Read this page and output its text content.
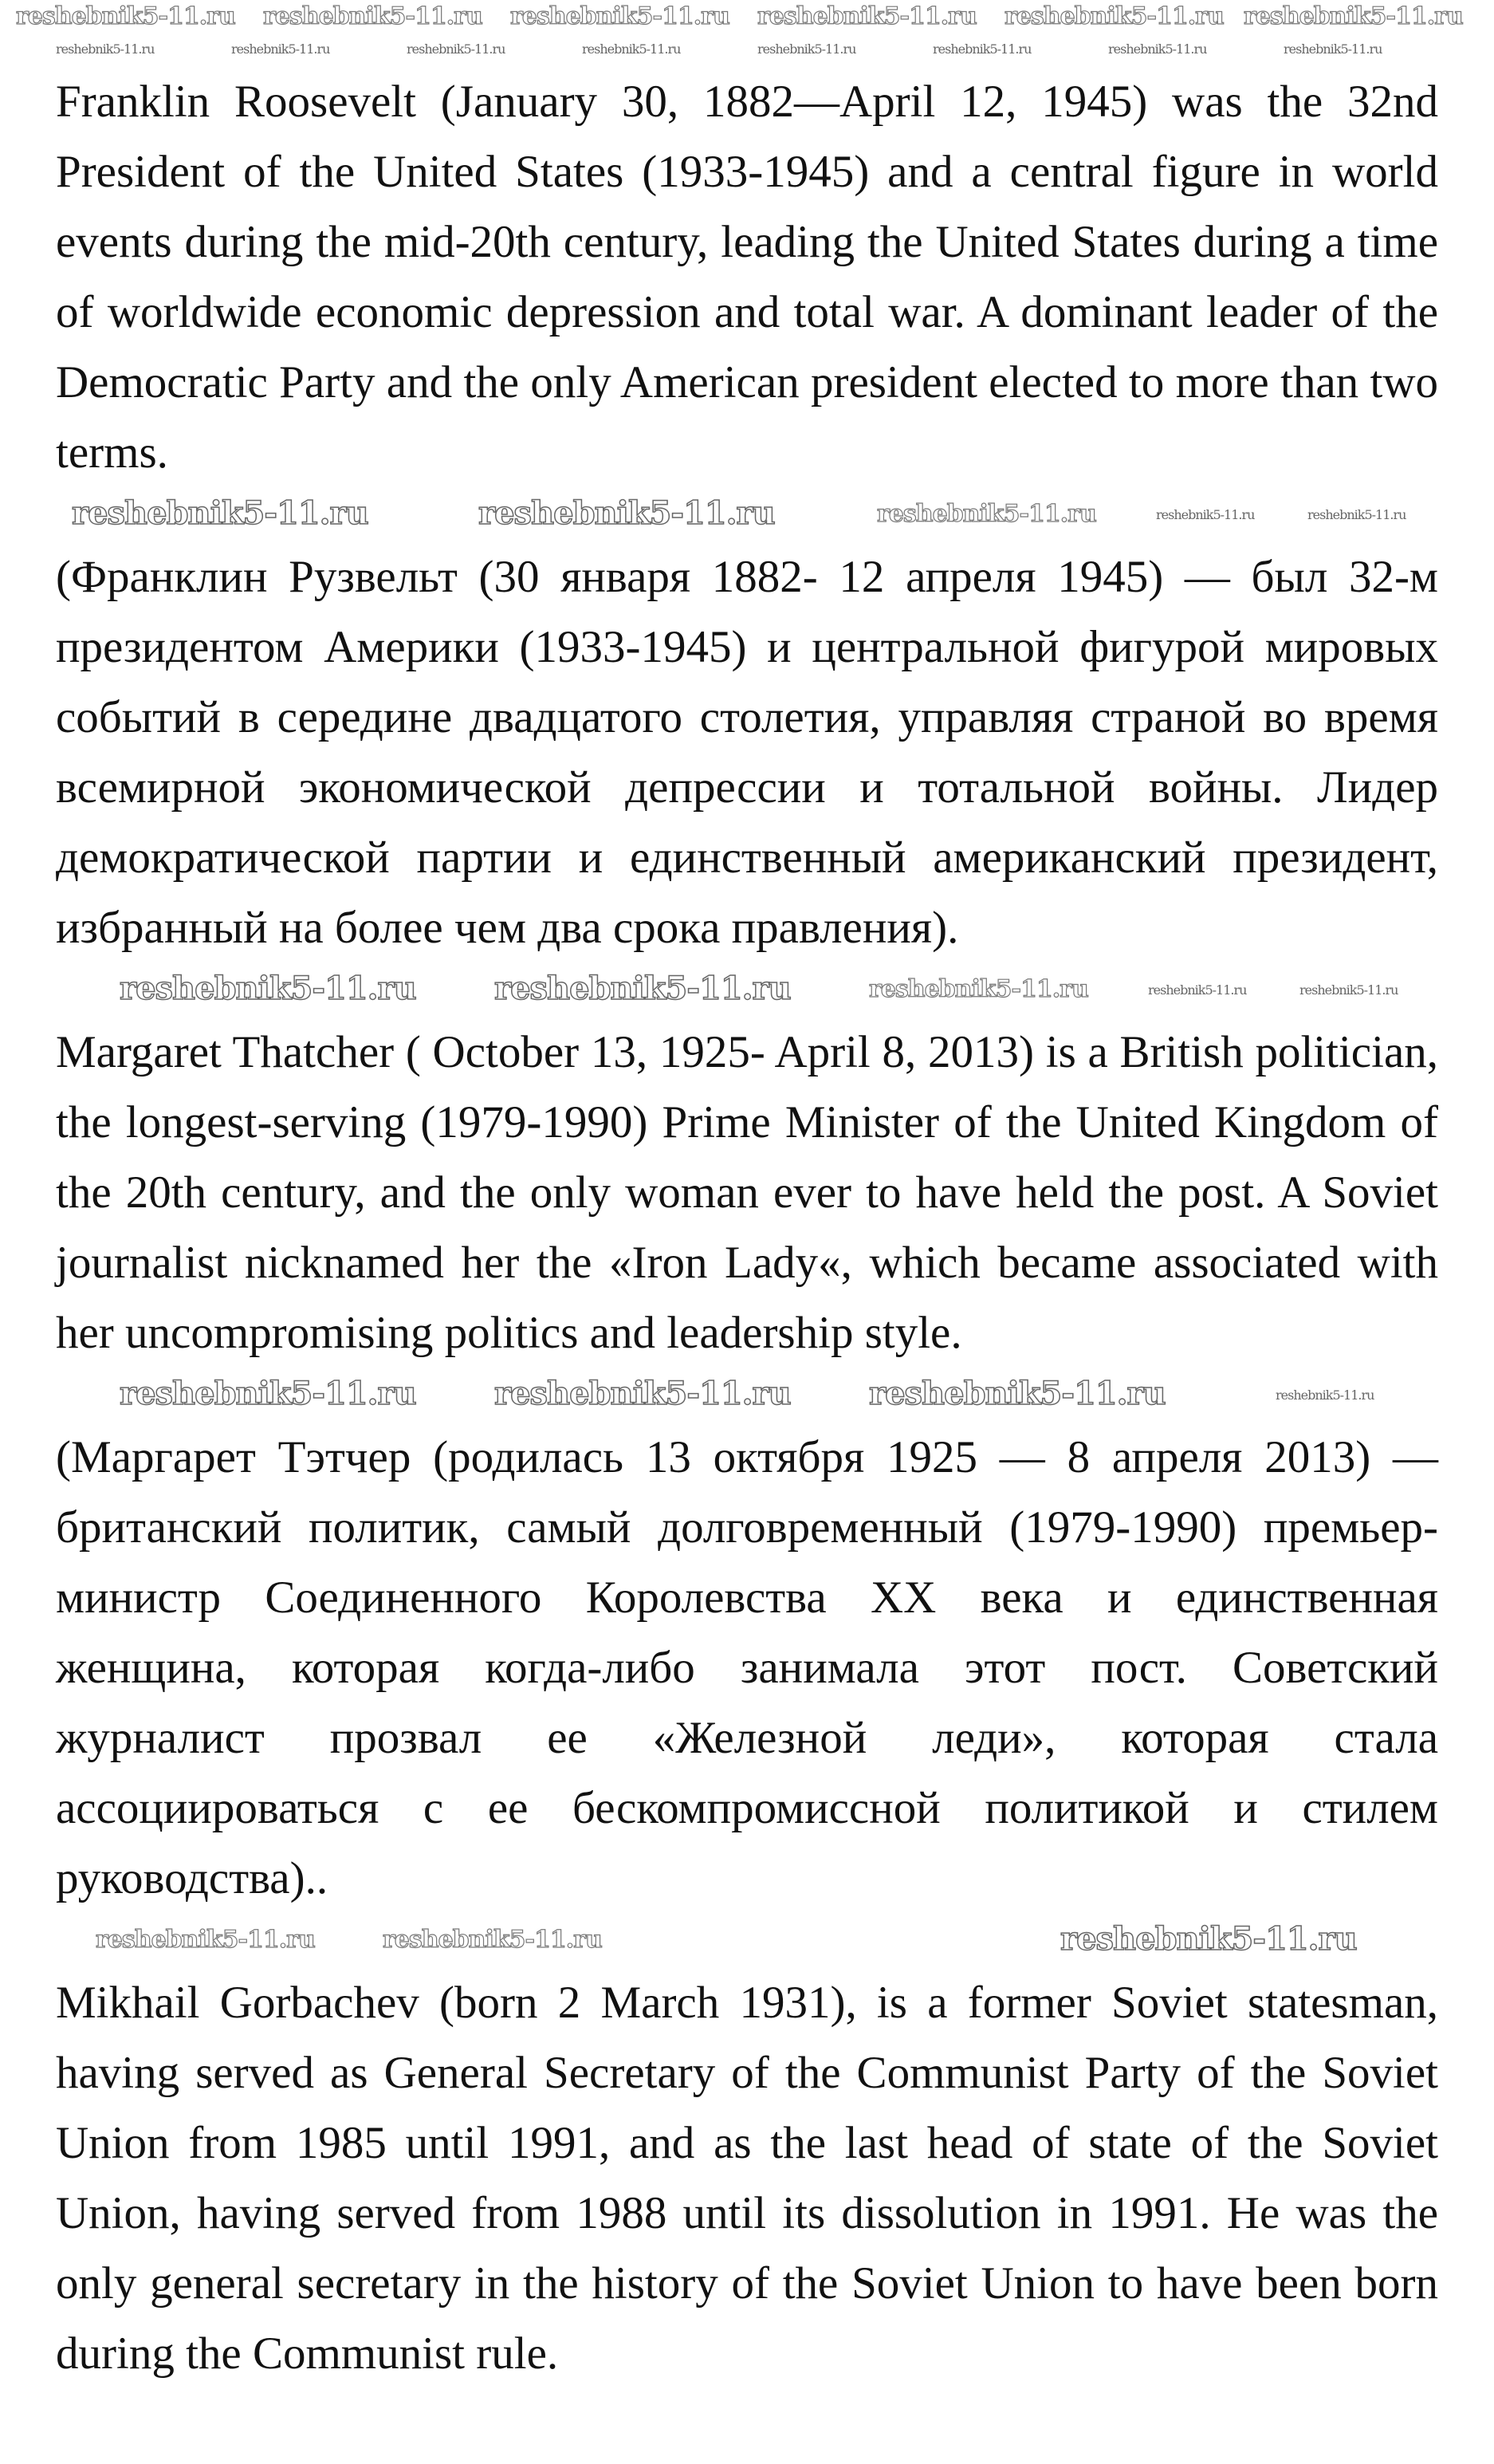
reshebnik5-11.ru reshebnik5-11.ru reshebnik5-11.ru reshebnik5-11.ru reshebnik5-11.ru reshebnik5-11.ru
reshebnik5-11.ru	reshebnik5-11.ru	reshebnik5-11.ru	reshebnik5-11.ru	reshebnik5-11.ru	reshebnik5-11.ru	reshebnik5-11.ru	reshebnik5-11.ru

Franklin Roosevelt (January 30, 1882—April 12, 1945) was the 32nd President of the United States (1933-1945) and a central figure in world events during the mid-20th century, leading the United States during a time of worldwide economic depression and total war. A dominant leader of the Democratic Party and the only American president elected to more than two terms.

reshebnik5-11.ru	reshebnik5-11.ru	reshebnik5-11.ru	reshebnik5-11.ru	reshebnik5-11.ru

(Франклин Рузвельт (30 января 1882- 12 апреля 1945) — был 32-м президентом Америки (1933-1945) и центральной фигурой мировых событий в середине двадцатого столетия, управляя страной во время всемирной экономической депрессии и тотальной войны. Лидер демократической партии и единственный американский президент, избранный на более чем два срока правления).

reshebnik5-11.ru reshebnik5-11.ru	reshebnik5-11.ru	reshebnik5-11.ru	reshebnik5-11.ru

Margaret Thatcher ( October 13, 1925- April 8, 2013) is a British politician, the longest-serving (1979-1990) Prime Minister of the United Kingdom of the 20th century, and the only woman ever to have held the post. A Soviet journalist nicknamed her the «Iron Lady«, which became associated with her uncompromising politics and leadership style.

reshebnik5-11.ru reshebnik5-11.ru reshebnik5-11.ru	reshebnik5-11.ru

(Маргарет Тэтчер (родилась 13 октября 1925 — 8 апреля 2013) — британский политик, самый долговременный (1979-1990) премьер-министр Соединенного Королевства XX века и единственная женщина, которая когда-либо занимала этот пост. Советский журналист прозвал ее «Железной леди», которая стала ассоциироваться с ее бескомпромиссной политикой и стилем руководства)..

reshebnik5-11.ru	reshebnik5-11.ru	reshebnik5-11.ru

Mikhail Gorbachev (born 2 March 1931), is a former Soviet statesman, having served as General Secretary of the Communist Party of the Soviet Union from 1985 until 1991, and as the last head of state of the Soviet Union, having served from 1988 until its dissolution in 1991. He was the only general secretary in the history of the Soviet Union to have been born during the Communist rule.
